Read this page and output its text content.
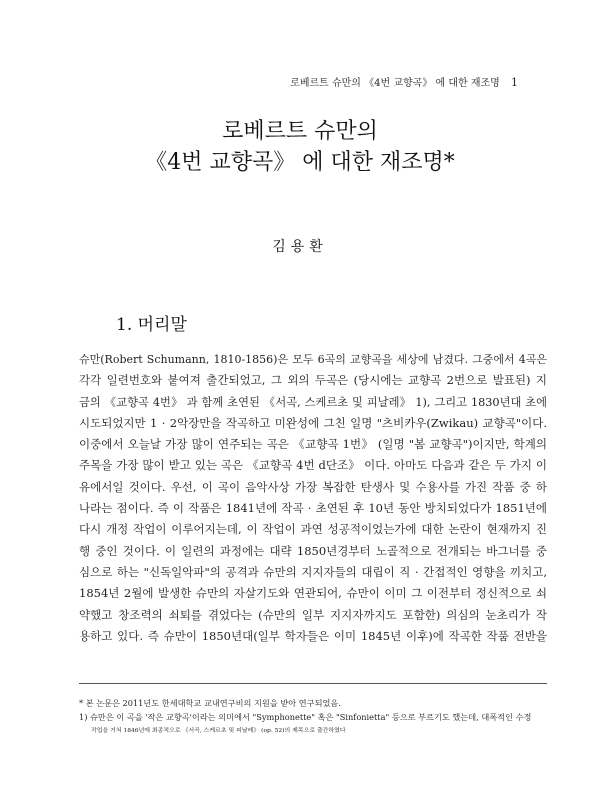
로베르트 슈만의 《4번 교향곡》 에 대한 재조명 1
로베르트 슈만의
《4번 교향곡》 에 대한 재조명*
김용환
1. 머리말
슈만(Robert Schumann, 1810-1856)은 모두 6곡의 교향곡을 세상에 남겼다. 그중에서 4곡은
각각 일련번호와 붙여져 출간되었고, 그 외의 두곡은 (당시에는 교향곡 2번으로 발표된) 지
금의 《교향곡 4번》 과 함께 초연된 《서곡, 스케르초 및 피날레》 1), 그리고 1830년대 초에
시도되었지만 1 · 2악장만을 작곡하고 미완성에 그친 일명 "츠비카우(Zwikau) 교향곡"이다.
이중에서 오늘날 가장 많이 연주되는 곡은 《교향곡 1번》 (일명 "봄 교향곡")이지만, 학계의
주목을 가장 많이 받고 있는 곡은 《교향곡 4번 d단조》 이다. 아마도 다음과 같은 두 가지 이
유에서일 것이다. 우선, 이 곡이 음악사상 가장 복잡한 탄생사 및 수용사를 가진 작품 중 하
나라는 점이다. 즉 이 작품은 1841년에 작곡 · 초연된 후 10년 동안 방치되었다가 1851년에
다시 개정 작업이 이루어지는데, 이 작업이 과연 성공적이었는가에 대한 논란이 현재까지 진
행 중인 것이다. 이 일련의 과정에는 대략 1850년경부터 노골적으로 전개되는 바그너를 중
심으로 하는 "신독일악파"의 공격과 슈만의 지지자들의 대립이 직 · 간접적인 영향을 끼치고,
1854년 2월에 발생한 슈만의 자살기도와 연관되어, 슈만이 이미 그 이전부터 정신적으로 쇠
약했고 창조력의 쇠퇴를 겪었다는 (슈만의 일부 지지자까지도 포함한) 의심의 눈초리가 작
용하고 있다. 즉 슈만이 1850년대(일부 학자들은 이미 1845년 이후)에 작곡한 작품 전반을
* 본 논문은 2011년도 한세대학교 교내연구비의 지원을 받아 연구되었음.
1) 슈만은 이 곡을 '작은 교향곡'이라는 의미에서 "Symphonette" 혹은 "Sinfonietta" 등으로 부르기도 했는데, 대폭적인 수정
작업을 거쳐 1846년에 최종적으로 《서곡, 스케르초 및 피날레》 (op. 52)의 제목으로 출간하였다
